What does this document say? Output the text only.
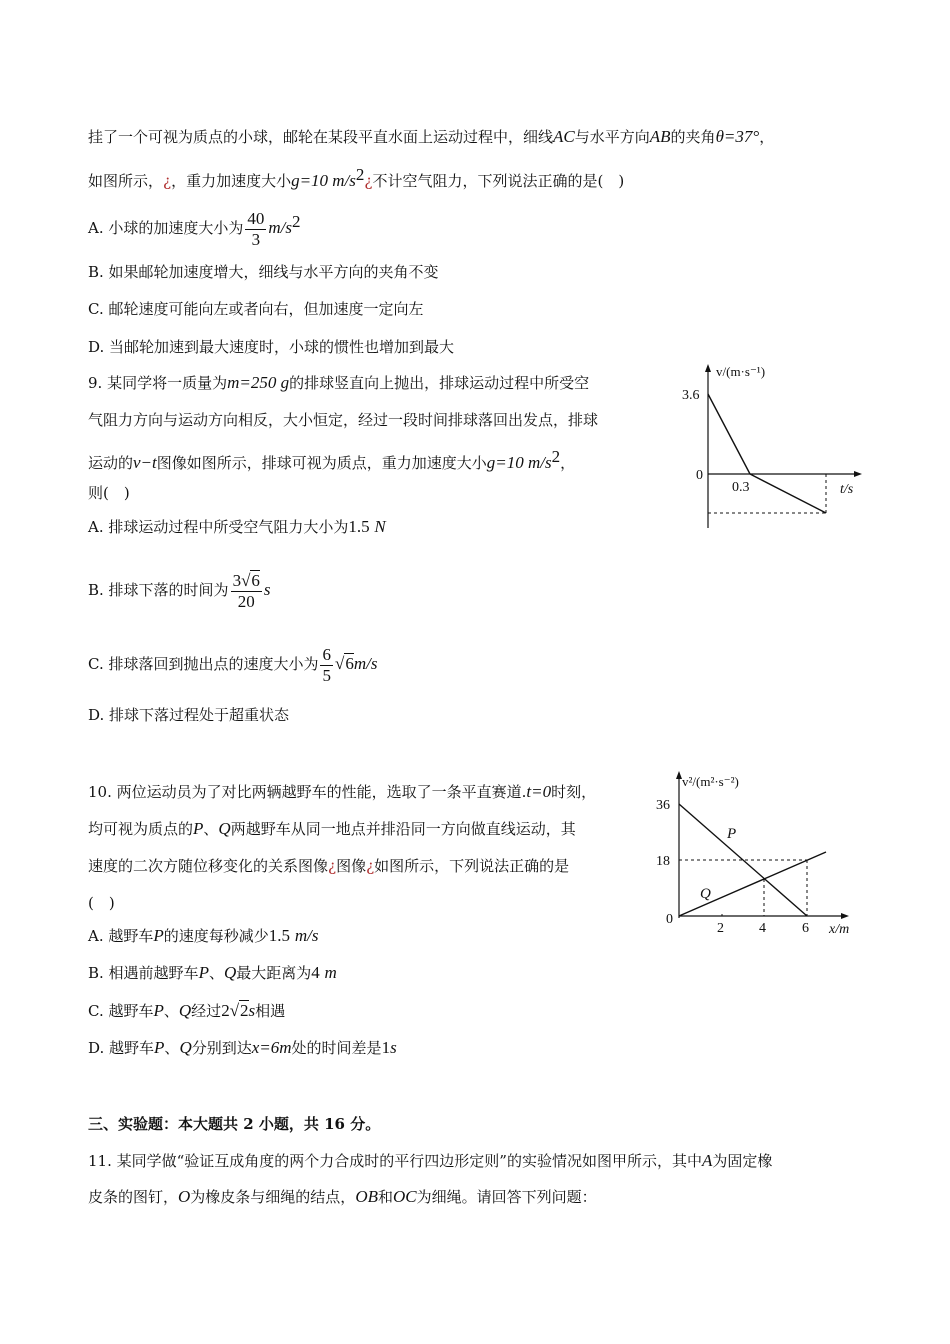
挂了一个可视为质点的小球，邮轮在某段平直水面上运动过程中，细线AC与水平方向AB的夹角θ=37°，
如图所示，¿，重力加速度大小g=10 $m/s^2¿$不计空气阻力，下列说法正确的是(　)
A. 小球的加速度大小为 $\frac{40}{3} m/s^2$
B. 如果邮轮加速度增大，细线与水平方向的夹角不变
C. 邮轮速度可能向左或者向右，但加速度一定向左
D. 当邮轮加速到最大速度时，小球的惯性也增加到最大
9. 某同学将一质量为m=250 g的排球竖直向上抛出，排球运动过程中所受空
气阻力方向与运动方向相反，大小恒定，经过一段时间排球落回出发点，排球
运动的v−t图像如图所示，排球可视为质点，重力加速度大小g=10 $m/s^2$，
则(　)
A. 排球运动过程中所受空气阻力大小为1.5 N
B. 排球下落的时间为 $\frac{3√6}{20}$ s
C. 排球落回到抛出点的速度大小为 $\frac{6}{5} √6m/s$
D. 排球下落过程处于超重状态
v/(m·s⁻¹)
3.6
0
0.3	t/s
10. 两位运动员为了对比两辆越野车的性能，选取了一条平直赛道.t=0时刻，
均可视为质点的P、Q两越野车从同一地点并排沿同一方向做直线运动，其
速度的二次方随位移变化的关系图像¿图像¿如图所示，下列说法正确的是
(　)
A. 越野车P的速度每秒减少1.5 m/s
B. 相遇前越野车P、Q最大距离为4 m
C. 越野车P、Q经过2√2s相遇
D. 越野车P、Q分别到达x=6m处的时间差是1s
v²/(m²·s⁻²)
36
18
0
2	4	6 x/m
P
Q
三、实验题：本大题共 2 小题，共 16 分。
11. 某同学做“验证互成角度的两个力合成时的平行四边形定则”的实验情况如图甲所示，其中A为固定橡
皮条的图钉，O为橡皮条与细绳的结点，OB和OC为细绳。请回答下列问题：
